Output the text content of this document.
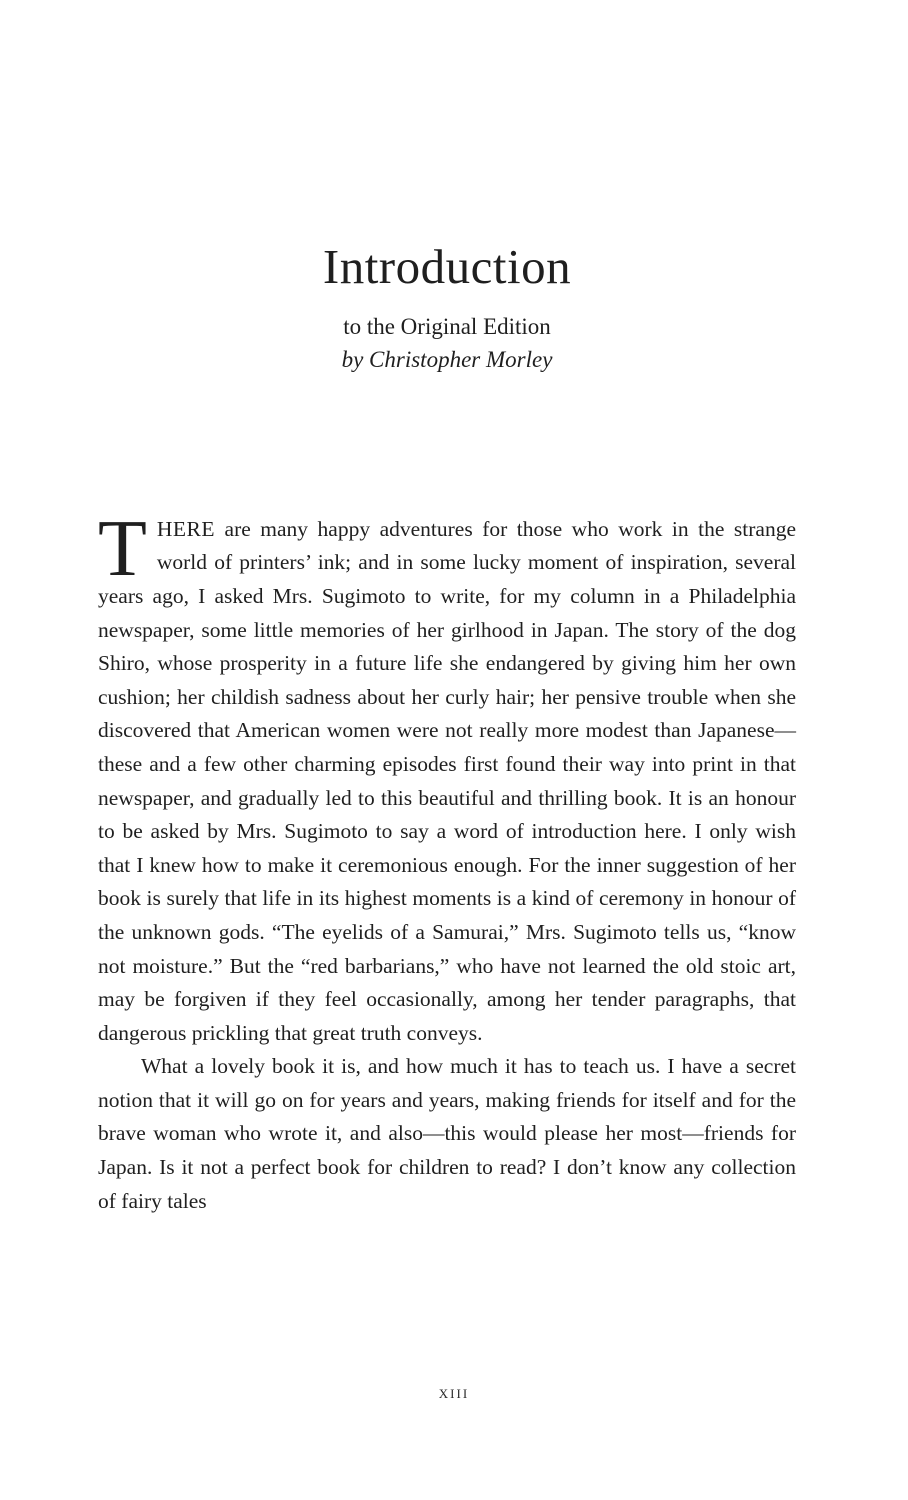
Introduction
to the Original Edition
by Christopher Morley

THERE are many happy adventures for those who work in the strange world of printers’ ink; and in some lucky moment of inspiration, several years ago, I asked Mrs. Sugimoto to write, for my column in a Philadelphia newspaper, some little memories of her girlhood in Japan. The story of the dog Shiro, whose prosperity in a future life she endangered by giving him her own cushion; her childish sadness about her curly hair; her pensive trouble when she discovered that American women were not really more modest than Japanese—these and a few other charming episodes first found their way into print in that newspaper, and gradually led to this beautiful and thrilling book. It is an honour to be asked by Mrs. Sugimoto to say a word of introduction here. I only wish that I knew how to make it ceremonious enough. For the inner suggestion of her book is surely that life in its highest moments is a kind of ceremony in honour of the unknown gods. “The eyelids of a Samurai,” Mrs. Sugimoto tells us, “know not moisture.” But the “red barbarians,” who have not learned the old stoic art, may be forgiven if they feel occasionally, among her tender paragraphs, that dangerous prickling that great truth conveys.

What a lovely book it is, and how much it has to teach us. I have a secret notion that it will go on for years and years, making friends for itself and for the brave woman who wrote it, and also—this would please her most—friends for Japan. Is it not a perfect book for children to read? I don’t know any collection of fairy tales

xiii
